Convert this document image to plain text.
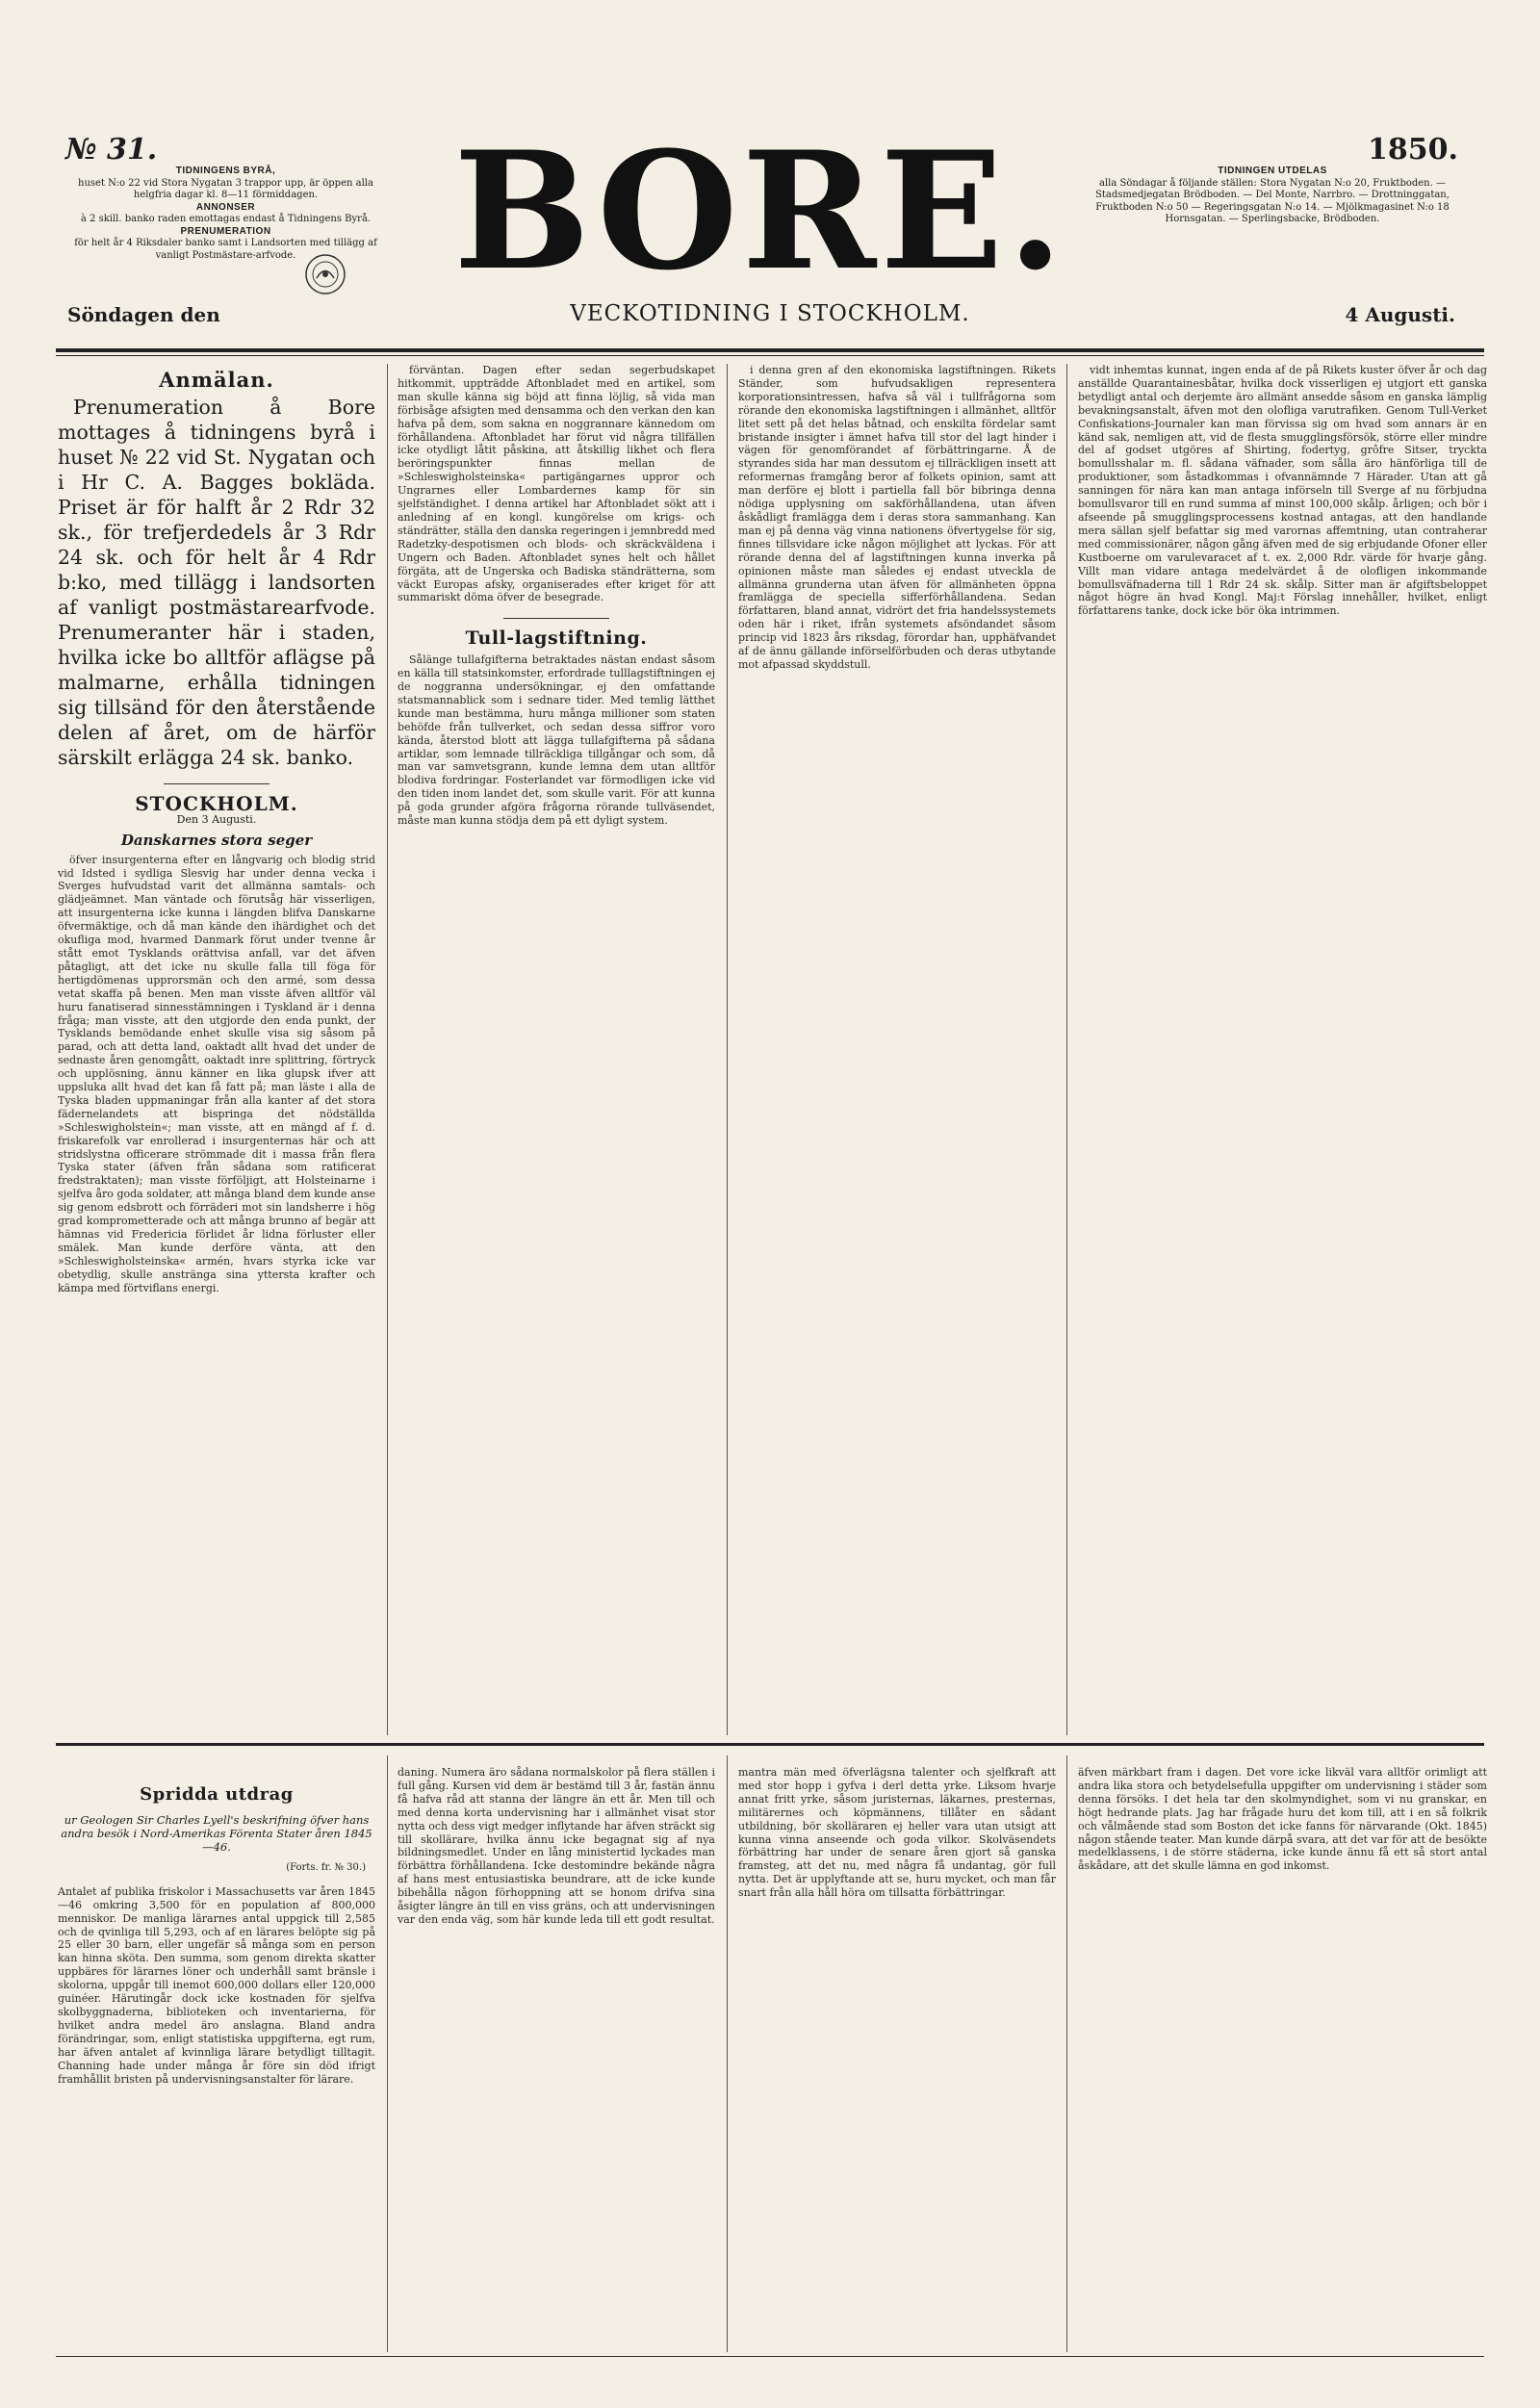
№ 31.	1850.
TIDNINGENS BYRÅ,
huset N:o 22 vid Stora Nygatan 3 trappor upp, är öppen alla helgfria dagar kl. 8—11 förmiddagen.
ANNONSER
à 2 skill. banko raden emottagas endast å Tidningens Byrå.
PRENUMERATION
för helt år 4 Riksdaler banko samt i Landsorten med tillägg af vanligt Postmästare-arfvode. BORE.	TIDNINGEN UTDELAS
alla Söndagar å följande ställen: Stora Nygatan N:o 20, Fruktboden. — Stadsmedjegatan Brödboden. — Del Monte, Narrbro. — Drottninggatan, Fruktboden N:o 50 — Regeringsgatan N:o 14. — Mjölkmagasinet N:o 18 Hornsgatan. — Sperlingsbacke, Brödboden.
Söndagen den	VECKOTIDNING I STOCKHOLM.	4 Augusti.
Anmälan.
Prenumeration å Bore mottages å tidningens byrå i huset № 22 vid St. Nygatan och i Hr C. A. Bagges bokläda. Priset är för halft år 2 Rdr 32 sk., för trefjerdedels år 3 Rdr 24 sk. och för helt år 4 Rdr b:ko, med tillägg i landsorten af vanligt postmästarearfvode. Prenumeranter här i staden, hvilka icke bo alltför aflägse på malmarne, erhålla tidningen sig tillsänd för den återstående delen af året, om de härför särskilt erlägga 24 sk. banko.
STOCKHOLM.
Den 3 Augusti.
Danskarnes stora seger

öfver insurgenterna efter en långvarig och blodig strid vid Idsted i sydliga Slesvig har under denna vecka i Sverges hufvudstad varit det allmänna samtals- och glädjeämnet. Man väntade och förutsåg här visserligen, att insurgenterna icke kunna i längden blifva Danskarne öfvermäktige, och då man kände den ihärdighet och det okufliga mod, hvarmed Danmark förut under tvenne år stått emot Tysklands orättvisa anfall, var det äfven påtagligt, att det icke nu skulle falla till föga för hertigdömenas upprorsmän och den armé, som dessa vetat skaffa på benen. Men man visste äfven alltför väl huru fanatiserad sinnesstämningen i Tyskland är i denna fråga; man visste, att den utgjorde den enda punkt, der Tysklands bemödande enhet skulle visa sig såsom på parad, och att detta land, oaktadt allt hvad det under de sednaste åren genomgått, oaktadt inre splittring, förtryck och upplösning, ännu känner en lika glupsk ifver att uppsluka allt hvad det kan få fatt på; man läste i alla de Tyska bladen uppmaningar från alla kanter af det stora fädernelandets att bispringa det nödställda »Schleswigholstein«; man visste, att en mängd af f. d. friskarefolk var enrollerad i insurgenternas här och att stridslystna officerare strömmade dit i massa från flera Tyska stater (äfven från sådana som ratificerat fredstraktaten); man visste förföljigt, att Holsteinarne i sjelfva åro goda soldater, att många bland dem kunde anse sig genom edsbrott och förräderi mot sin landsherre i hög grad komprometterade och att många brunno af begär att hämnas vid Fredericia förlidet år lidna förluster eller smälek. Man kunde derföre vänta, att den »Schleswigholsteinska« armén, hvars styrka icke var obetydlig, skulle anstränga sina yttersta krafter och kämpa med förtviflans energi.

förväntan. Dagen efter sedan segerbudskapet hitkommit, uppträdde Aftonbladet med en artikel, som man skulle känna sig böjd att finna löjlig, så vida man förbisåge afsigten med densamma och den verkan den kan hafva på dem, som sakna en noggrannare kännedom om förhållandena. Aftonbladet har förut vid några tillfällen icke otydligt låtit påskina, att åtskillig likhet och flera beröringspunkter finnas mellan de »Schleswigholsteinska« partigängarnes uppror och Ungrarnes eller Lombardernes kamp för sin sjelfständighet. I denna artikel har Aftonbladet sökt att i anledning af en kongl. kungörelse om krigs- och ständrätter, ställa den danska regeringen i jemnbredd med Radetzky-despotismen och blods- och skräckväldena i Ungern och Baden. Aftonbladet synes helt och hållet förgäta, att de Ungerska och Badiska ständrätterna, som väckt Europas afsky, organiserades efter kriget för att summariskt döma öfver de besegrade.

Tull-lagstiftning.

Sålänge tullafgifterna betraktades nästan endast såsom en källa till statsinkomster, erfordrade tulllagstiftningen ej de noggranna undersökningar, ej den omfattande statsmannablick som i sednare tider. Med temlig lätthet kunde man bestämma, huru många millioner som staten behöfde från tullverket, och sedan dessa siffror voro kända, återstod blott att lägga tullafgifterna på sådana artiklar, som lemnade tillräckliga tillgångar och som, då man var samvetsgrann, kunde lemna dem utan alltför blodiva fordringar. Fosterlandet var förmodligen icke vid den tiden inom landet det, som skulle varit. För att kunna på goda grunder afgöra frågorna rörande tullväsendet, måste man kunna stödja dem på ett dyligt system.

i denna gren af den ekonomiska lagstiftningen. Rikets Ständer, som hufvudsakligen representera korporationsintressen, hafva så väl i tullfrågorna som rörande den ekonomiska lagstiftningen i allmänhet, alltför litet sett på det helas båtnad, och enskilta fördelar samt bristande insigter i ämnet hafva till stor del lagt hinder i vägen för genomförandet af förbättringarne. Å de styrandes sida har man dessutom ej tillräckligen insett att reformernas framgång beror af folkets opinion, samt att man derföre ej blott i partiella fall bör bibringa denna nödiga upplysning om sakförhållandena, utan äfven åskådligt framlägga dem i deras stora sammanhang. Kan man ej på denna väg vinna nationens öfvertygelse för sig, finnes tillsvidare icke någon möjlighet att lyckas. För att rörande denna del af lagstiftningen kunna inverka på opinionen måste man således ej endast utveckla de allmänna grunderna utan äfven för allmänheten öppna framlägga de speciella sifferförhållandena. Sedan författaren, bland annat, vidrört det fria handelssystemets oden här i riket, ifrån systemets afsöndandet såsom princip vid 1823 års riksdag, förordar han, upphäfvandet af de ännu gällande införselförbuden och deras utbytande mot afpassad skyddstull.

vidt inhemtas kunnat, ingen enda af de på Rikets kuster öfver år och dag anställde Quarantainesbåtar, hvilka dock visserligen ej utgjort ett ganska betydligt antal och derjemte äro allmänt ansedde såsom en ganska lämplig bevakningsanstalt, äfven mot den olofliga varutrafiken. Genom Tull-Verket Confiskations-Journaler kan man förvissa sig om hvad som annars är en känd sak, nemligen att, vid de flesta smugglingsförsök, större eller mindre del af godset utgöres af Shirting, fodertyg, grôfre Sitser, tryckta bomullsshalar m. fl. sådana väfnader, som sålla äro hänförliga till de produktioner, som åstadkommas i ofvannämnde 7 Härader. Utan att gå sanningen för nära kan man antaga införseln till Sverge af nu förbjudna bomullsvaror till en rund summa af minst 100,000 skålp. årligen; och bör i afseende på smugglingsprocessens kostnad antagas, att den handlande mera sällan sjelf befattar sig med varornas affemtning, utan contraherar med commissionärer, någon gång äfven med de sig erbjudande Ofoner eller Kustboerne om varulevaracet af t. ex. 2,000 Rdr. värde för hvarje gång. Villt man vidare antaga medelvärdet å de olofligen inkommande bomullsväfnaderna till 1 Rdr 24 sk. skålp. Sitter man är afgiftsbeloppet något högre än hvad Kongl. Maj:t Förslag innehåller, hvilket, enligt författarens tanke, dock icke bör öka intrimmen.

Spridda utdrag
ur Geologen Sir Charles Lyell's beskrifning öfver hans andra besök i Nord-Amerikas Förenta Stater åren 1845—46.
(Forts. fr. № 30.)

Antalet af publika friskolor i Massachusetts var åren 1845—46 omkring 3,500 för en population af 800,000 menniskor. De manliga lärarnes antal uppgick till 2,585 och de qvinliga till 5,293, och af en lärares belöpte sig på 25 eller 30 barn, eller ungefär så många som en person kan hinna sköta. Den summa, som genom direkta skatter uppbäres för lärarnes löner och underhåll samt bränsle i skolorna, uppgår till inemot 600,000 dollars eller 120,000 guinéer. Härutingår dock icke kostnaden för sjelfva skolbyggnaderna, biblioteken och inventarierna, för hvilket andra medel äro anslagna. Bland andra förändringar, som, enligt statistiska uppgifterna, egt rum, har äfven antalet af kvinnliga lärare betydligt tilltagit. Channing hade under många år före sin död ifrigt framhållit bristen på undervisningsanstalter för lärare.

daning. Numera äro sådana normalskolor på flera ställen i full gång. Kursen vid dem är bestämd till 3 år, fastän ännu få hafva råd att stanna der längre än ett år. Men till och med denna korta undervisning har i allmänhet visat stor nytta och dess vigt medger inflytande har äfven sträckt sig till skollärare, hvilka ännu icke begagnat sig af nya bildningsmedlet. Under en lång ministertid lyckades man förbättra förhållandena. Icke destomindre bekände några af hans mest entusiastiska beundrare, att de icke kunde bibehålla någon förhoppning att se honom drifva sina åsigter längre än till en viss gräns, och att undervisningen var den enda väg, som här kunde leda till ett godt resultat.

mantra män med öfverlägsna talenter och sjelfkraft att med stor hopp i gyfva i derl detta yrke. Liksom hvarje annat fritt yrke, såsom juristernas, läkarnes, presternas, militärernes och köpmännens, tillåter en sådant utbildning, bör skolläraren ej heller vara utan utsigt att kunna vinna anseende och goda vilkor. Skolväsendets förbättring har under de senare åren gjort så ganska framsteg, att det nu, med några få undantag, gör full nytta. Det är upplyftande att se, huru mycket, och man får snart från alla håll höra om tillsatta förbättringar.

äfven märkbart fram i dagen. Det vore icke likväl vara alltför orimligt att andra lika stora och betydelsefulla uppgifter om undervisning i städer som denna försöks. I det hela tar den skolmyndighet, som vi nu granskar, en högt hedrande plats. Jag har frågade huru det kom till, att i en så folkrik och vålmående stad som Boston det icke fanns för närvarande (Okt. 1845) någon stående teater. Man kunde därpå svara, att det var för att de besökte medelklassens, i de större städerna, icke kunde ännu få ett så stort antal åskådare, att det skulle lämna en god inkomst.
